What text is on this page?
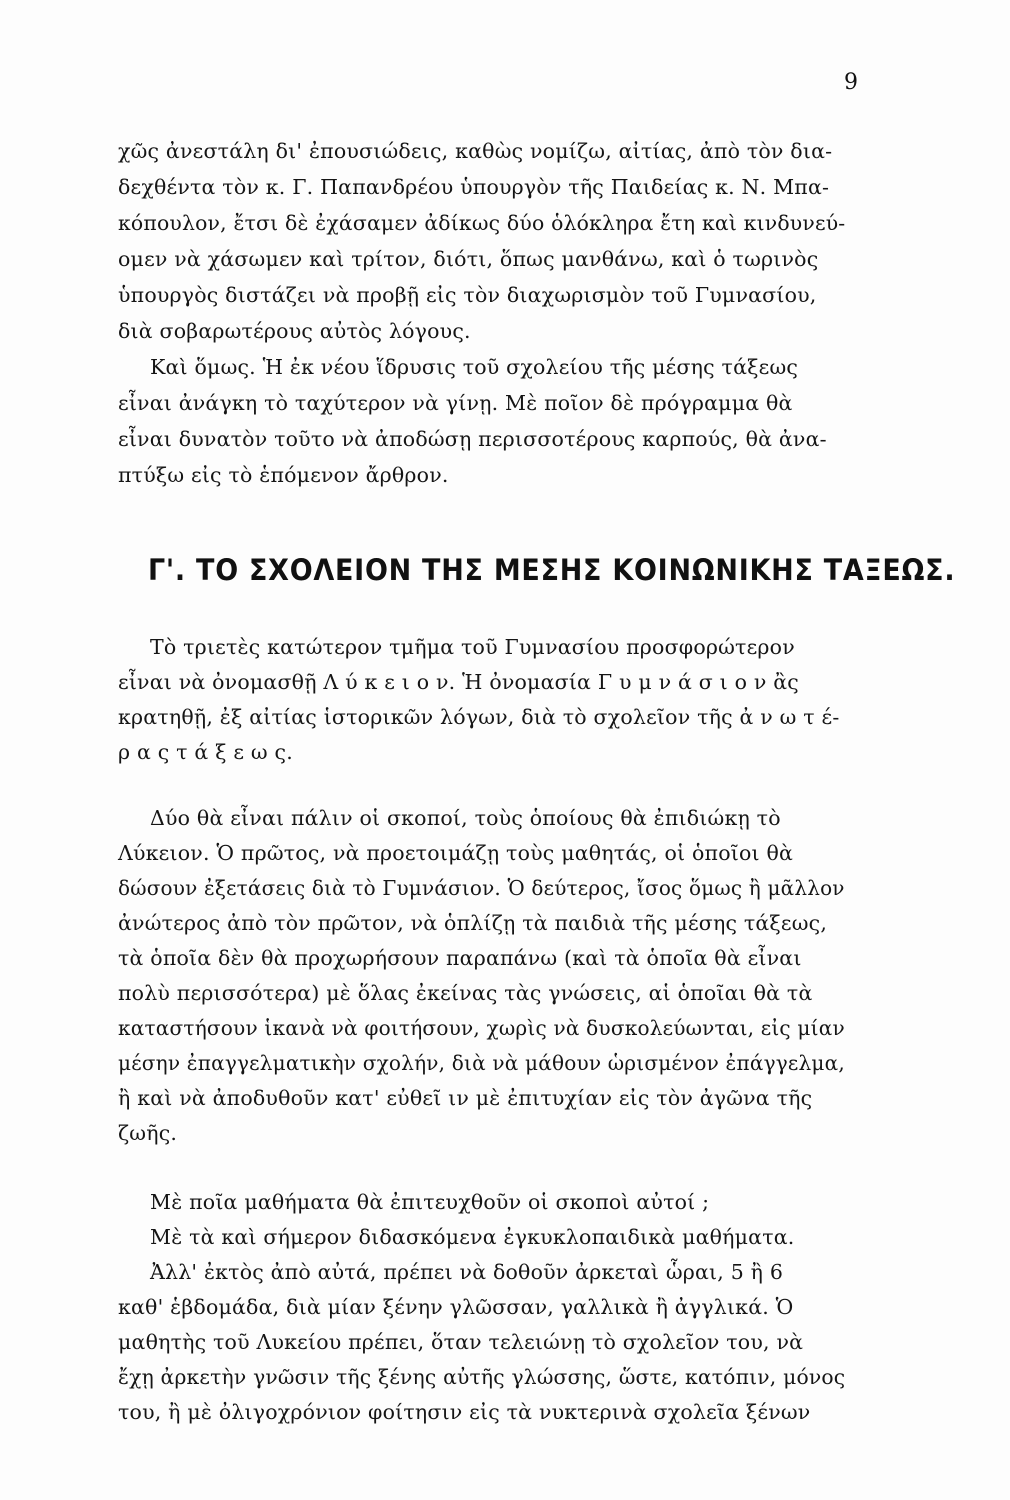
9
χῶς ἀνεστάλη δι' ἐπουσιώδεις, καθὼς νομίζω, αἰτίας, ἀπὸ τὸν δια-
δεχθέντα τὸν κ. Γ. Παπανδρέου ὑπουργὸν τῆς Παιδείας κ. Ν. Μπα-
κόπουλον, ἔτσι δὲ ἐχάσαμεν ἀδίκως δύο ὁλόκληρα ἔτη καὶ κινδυνεύ-
ομεν νὰ χάσωμεν καὶ τρίτον, διότι, ὅπως μανθάνω, καὶ ὁ τωρινὸς
ὑπουργὸς διστάζει νὰ προβῇ εἰς τὸν διαχωρισμὸν τοῦ Γυμνασίου,
διὰ σοβαρωτέρους αὐτὸς λόγους.
Καὶ ὅμως. Ἡ ἐκ νέου ἵδρυσις τοῦ σχολείου τῆς μέσης τάξεως
εἶναι ἀνάγκη τὸ ταχύτερον νὰ γίνῃ. Μὲ ποῖον δὲ πρόγραμμα θὰ
εἶναι δυνατὸν τοῦτο νὰ ἀποδώσῃ περισσοτέρους καρπούς, θὰ ἀνα-
πτύξω εἰς τὸ ἑπόμενον ἄρθρον.
Γ'. ΤΟ ΣΧΟΛΕΙΟΝ ΤΗΣ ΜΕΣΗΣ ΚΟΙΝΩΝΙΚΗΣ ΤΑΞΕΩΣ.
Τὸ τριετὲς κατώτερον τμῆμα τοῦ Γυμνασίου προσφορώτερον
εἶναι νὰ ὀνομασθῇ Λ ύ κ ε ι ο ν. Ἡ ὀνομασία Γ υ μ ν ά σ ι ο ν ἂς
κρατηθῇ, ἐξ αἰτίας ἱστορικῶν λόγων, διὰ τὸ σχολεῖον τῆς ἀ ν ω τ έ-
ρ α ς τ ά ξ ε ω ς.
Δύο θὰ εἶναι πάλιν οἱ σκοποί, τοὺς ὁποίους θὰ ἐπιδιώκῃ τὸ
Λύκειον. Ὁ πρῶτος, νὰ προετοιμάζῃ τοὺς μαθητάς, οἱ ὁποῖοι θὰ
δώσουν ἐξετάσεις διὰ τὸ Γυμνάσιον. Ὁ δεύτερος, ἴσος ὅμως ἢ μᾶλλον
ἀνώτερος ἀπὸ τὸν πρῶτον, νὰ ὁπλίζῃ τὰ παιδιὰ τῆς μέσης τάξεως,
τὰ ὁποῖα δὲν θὰ προχωρήσουν παραπάνω (καὶ τὰ ὁποῖα θὰ εἶναι
πολὺ περισσότερα) μὲ ὅλας ἐκείνας τὰς γνώσεις, αἱ ὁποῖαι θὰ τὰ
καταστήσουν ἱκανὰ νὰ φοιτήσουν, χωρὶς νὰ δυσκολεύωνται, εἰς μίαν
μέσην ἐπαγγελματικὴν σχολήν, διὰ νὰ μάθουν ὡρισμένον ἐπάγγελμα,
ἢ καὶ νὰ ἀποδυθοῦν κατ' εὐθεῖ ιν μὲ ἐπιτυχίαν εἰς τὸν ἀγῶνα τῆς
ζωῆς.
Μὲ ποῖα μαθήματα θὰ ἐπιτευχθοῦν οἱ σκοποὶ αὐτοί ;
Μὲ τὰ καὶ σήμερον διδασκόμενα ἐγκυκλοπαιδικὰ μαθήματα.
Ἀλλ' ἐκτὸς ἀπὸ αὐτά, πρέπει νὰ δοθοῦν ἀρκεταὶ ὧραι, 5 ἢ 6
καθ' ἑβδομάδα, διὰ μίαν ξένην γλῶσσαν, γαλλικὰ ἢ ἀγγλικά. Ὁ
μαθητὴς τοῦ Λυκείου πρέπει, ὅταν τελειώνῃ τὸ σχολεῖον του, νὰ
ἔχῃ ἀρκετὴν γνῶσιν τῆς ξένης αὐτῆς γλώσσης, ὥστε, κατόπιν, μόνος
του, ἢ μὲ ὀλιγοχρόνιον φοίτησιν εἰς τὰ νυκτερινὰ σχολεῖα ξένων
